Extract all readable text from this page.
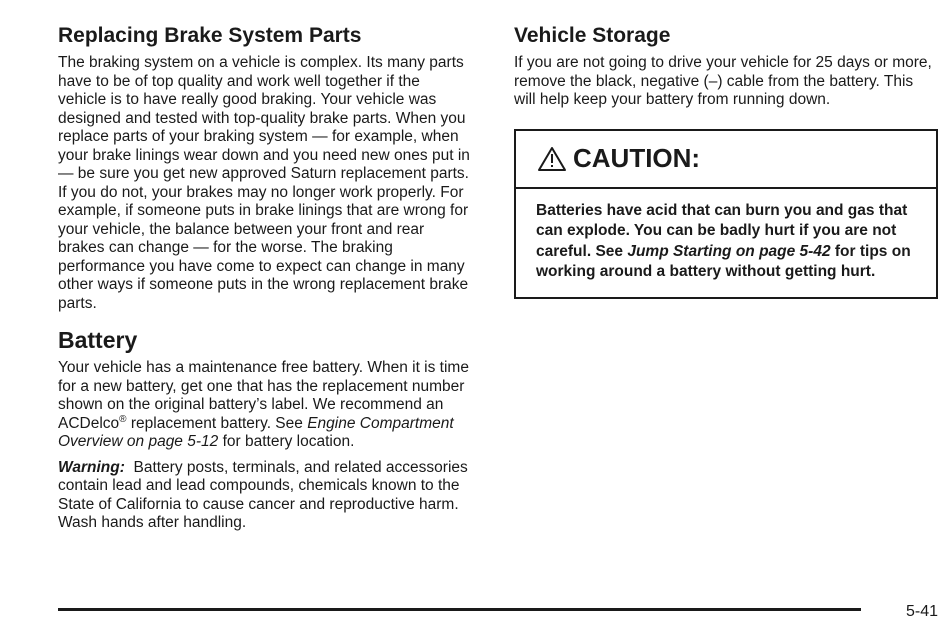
Replacing Brake System Parts

The braking system on a vehicle is complex. Its many parts have to be of top quality and work well together if the vehicle is to have really good braking. Your vehicle was designed and tested with top-quality brake parts. When you replace parts of your braking system — for example, when your brake linings wear down and you need new ones put in — be sure you get new approved Saturn replacement parts. If you do not, your brakes may no longer work properly. For example, if someone puts in brake linings that are wrong for your vehicle, the balance between your front and rear brakes can change — for the worse. The braking performance you have come to expect can change in many other ways if someone puts in the wrong replacement brake parts.

Battery

Your vehicle has a maintenance free battery. When it is time for a new battery, get one that has the replacement number shown on the original battery’s label. We recommend an ACDelco® replacement battery. See Engine Compartment Overview on page 5-12 for battery location.

Warning:  Battery posts, terminals, and related accessories contain lead and lead compounds, chemicals known to the State of California to cause cancer and reproductive harm. Wash hands after handling.

Vehicle Storage

If you are not going to drive your vehicle for 25 days or more, remove the black, negative (–) cable from the battery. This will help keep your battery from running down.

CAUTION:
Batteries have acid that can burn you and gas that can explode. You can be badly hurt if you are not careful. See Jump Starting on page 5-42 for tips on working around a battery without getting hurt.
5-41
